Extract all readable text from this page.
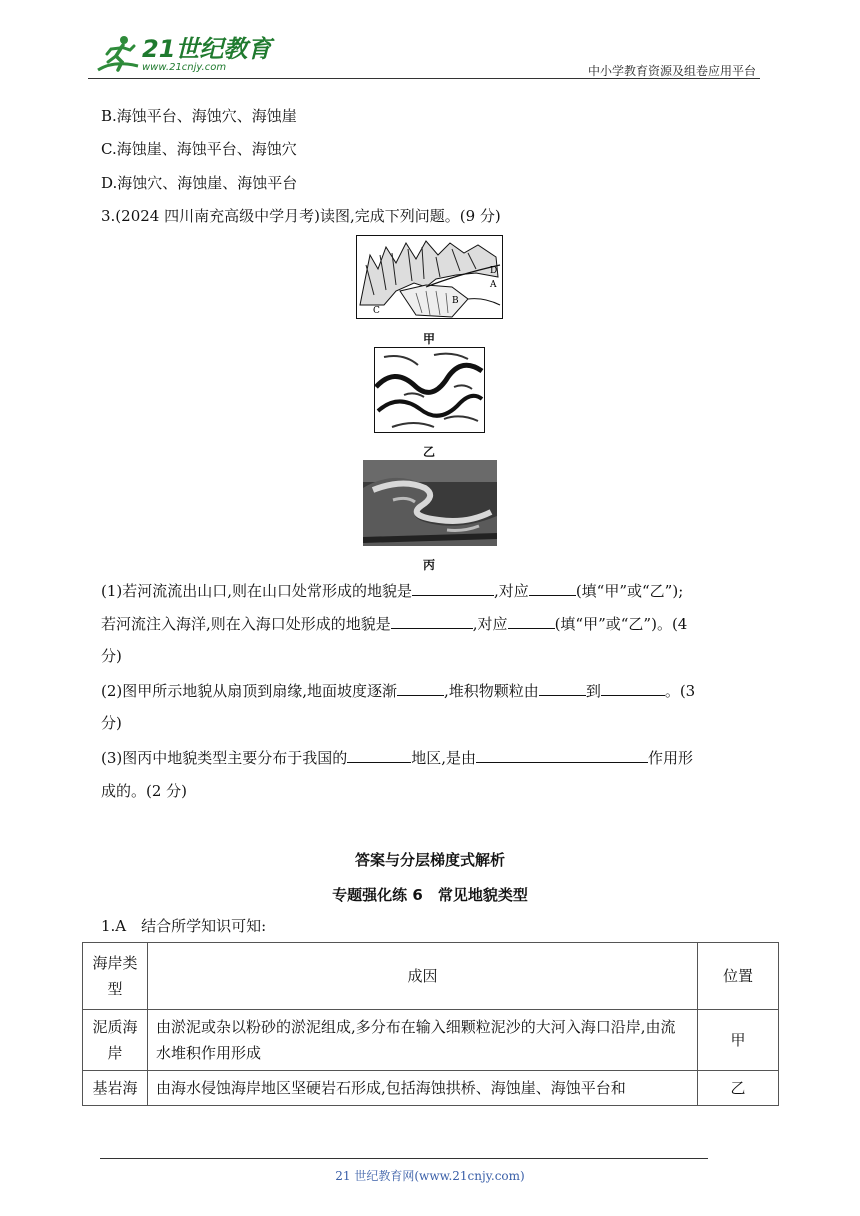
21世纪教育
www.21cnjy.com	中小学教育资源及组卷应用平台
B.海蚀平台、海蚀穴、海蚀崖
C.海蚀崖、海蚀平台、海蚀穴
D.海蚀穴、海蚀崖、海蚀平台
3.(2024 四川南充高级中学月考)读图,完成下列问题。(9 分)
C
B
D
A
甲
乙
丙
(1)若河流流出山口,则在山口处常形成的地貌是	,对应	(填“甲”或“乙”);
若河流注入海洋,则在入海口处形成的地貌是	,对应	(填“甲”或“乙”)。(4
分)
(2)图甲所示地貌从扇顶到扇缘,地面坡度逐渐	,堆积物颗粒由	到	。(3
分)
(3)图丙中地貌类型主要分布于我国的	地区,是由	作用形
成的。(2 分)
答案与分层梯度式解析
专题强化练 6　常见地貌类型
1.A　结合所学知识可知:
海岸类型	成因	位置
泥质海岸	由淤泥或杂以粉砂的淤泥组成,多分布在输入细颗粒泥沙的大河入海口沿岸,由流水堆积作用形成	甲
基岩海	由海水侵蚀海岸地区坚硬岩石形成,包括海蚀拱桥、海蚀崖、海蚀平台和	乙
21 世纪教育网(www.21cnjy.com)
